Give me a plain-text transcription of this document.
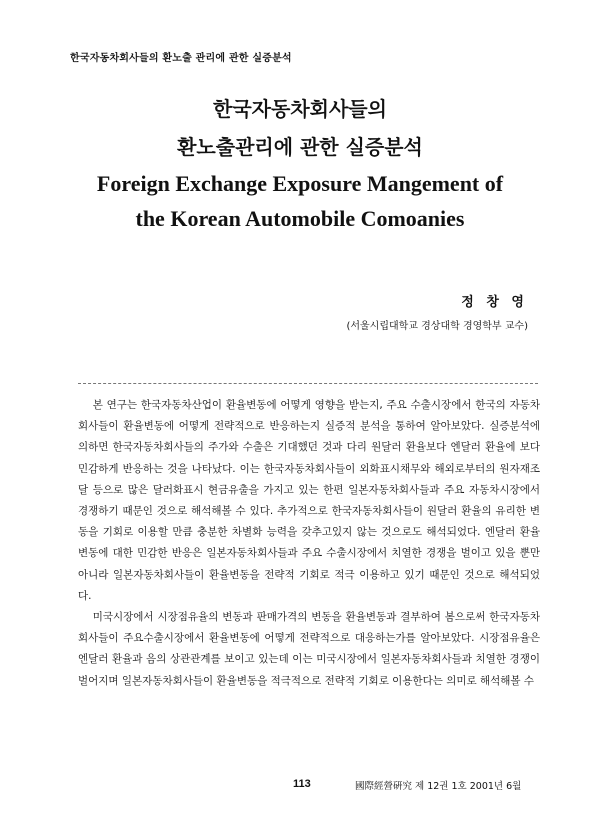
한국자동차회사들의 환노출 관리에 관한 실증분석

한국자동차회사들의

환노출관리에 관한 실증분석

Foreign Exchange Exposure Mangement of

the Korean Automobile Comoanies

정 창 영
(서울시립대학교 경상대학 경영학부 교수)

본 연구는 한국자동차산업이 환율변동에 어떻게 영향을 받는지, 주요 수출시장에서 한국의 자동차회사들이 환율변동에 어떻게 전략적으로 반응하는지 실증적 분석을 통하여 알아보았다. 실증분석에 의하면 한국자동차회사들의 주가와 수출은 기대했던 것과 다리 원달러 환율보다 엔달러 환율에 보다 민감하게 반응하는 것을 나타났다. 이는 한국자동차회사들이 외화표시채무와 해외로부터의 원자재조달 등으로 많은 달러화표시 현금유출을 가지고 있는 한편 일본자동차회사들과 주요 자동차시장에서 경쟁하기 때문인 것으로 해석해볼 수 있다. 추가적으로 한국자동차회사들이 원달러 환율의 유리한 변동을 기회로 이용할 만큼 충분한 차별화 능력을 갖추고있지 않는 것으로도 해석되었다. 엔달러 환율 변동에 대한 민감한 반응은 일본자동차회사들과 주요 수출시장에서 치열한 경쟁을 벌이고 있을 뿐만 아니라 일본자동차회사들이 환율변동을 전략적 기회로 적극 이용하고 있기 때문인 것으로 해석되었다.

미국시장에서 시장점유율의 변동과 판매가격의 변동을 환율변동과 결부하여 봄으로써 한국자동차회사들이 주요수출시장에서 환율변동에 어떻게 전략적으로 대응하는가를 알아보았다. 시장점유율은 엔달러 환율과 음의 상관관계를 보이고 있는데 이는 미국시장에서 일본자동차회사들과 치열한 경쟁이 벌어지며 일본자동차회사들이 환율변동을 적극적으로 전략적 기회로 이용한다는 의미로 해석해볼 수

113	國際經營硏究 제 12권 1호 2001년 6월
